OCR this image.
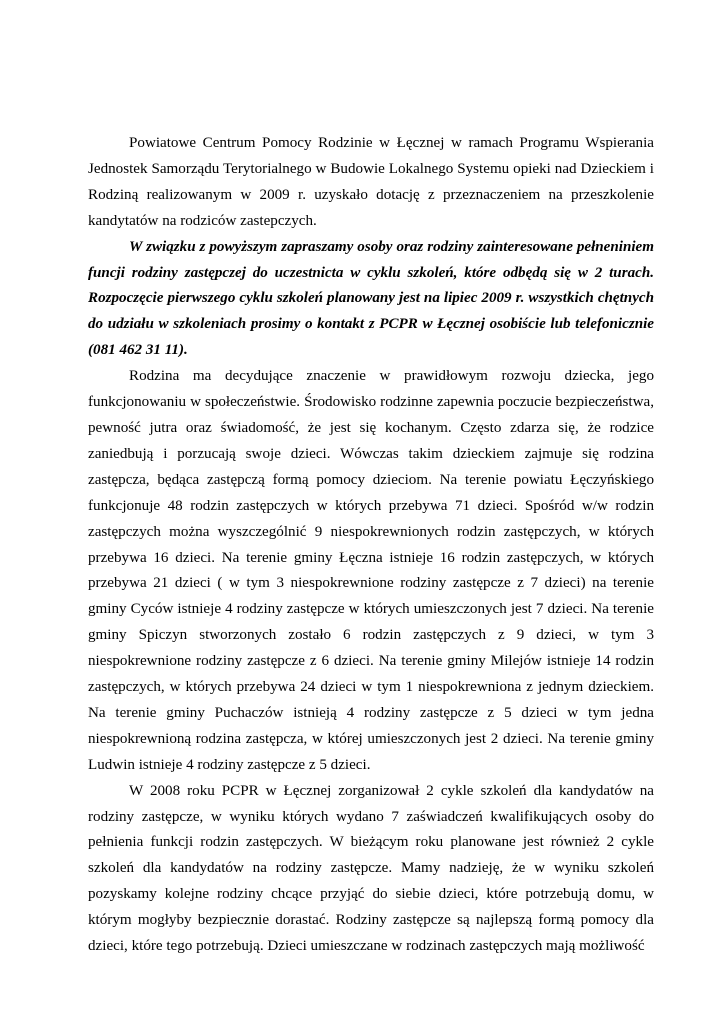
Powiatowe Centrum Pomocy Rodzinie w Łęcznej w ramach Programu Wspierania Jednostek Samorządu Terytorialnego w Budowie Lokalnego Systemu opieki nad Dzieckiem i Rodziną realizowanym w 2009 r. uzyskało dotację z przeznaczeniem na przeszkolenie kandytatów na rodziców zastepczych.

W związku z powyższym zapraszamy osoby oraz rodziny zainteresowane pełneniniem funcji rodziny zastępczej do uczestnicta w cyklu szkoleń, które odbędą się w 2 turach. Rozpoczęcie pierwszego cyklu szkoleń planowany jest na lipiec 2009 r. wszystkich chętnych do udziału w szkoleniach prosimy o kontakt z PCPR w Łęcznej osobiście lub telefonicznie (081 462 31 11).

Rodzina ma decydujące znaczenie w prawidłowym rozwoju dziecka, jego funkcjonowaniu w społeczeństwie. Środowisko rodzinne zapewnia poczucie bezpieczeństwa, pewność jutra oraz świadomość, że jest się kochanym. Często zdarza się, że rodzice zaniedbują i porzucają swoje dzieci. Wówczas takim dzieckiem zajmuje się rodzina zastępcza, będąca zastępczą formą pomocy dzieciom. Na terenie powiatu Łęczyńskiego funkcjonuje 48 rodzin zastępczych w których przebywa 71 dzieci. Spośród w/w rodzin zastępczych można wyszczególnić 9 niespokrewnionych rodzin zastępczych, w których przebywa 16 dzieci. Na terenie gminy Łęczna istnieje 16 rodzin zastępczych, w których przebywa 21 dzieci ( w tym 3 niespokrewnione rodziny zastępcze z 7 dzieci) na terenie gminy Cyców istnieje 4 rodziny zastępcze w których umieszczonych jest 7 dzieci. Na terenie gminy Spiczyn stworzonych zostało 6 rodzin zastępczych z 9 dzieci, w tym 3 niespokrewnione rodziny zastępcze z 6 dzieci. Na terenie gminy Milejów istnieje 14 rodzin zastępczych, w których przebywa 24 dzieci w tym 1 niespokrewniona z jednym dzieckiem. Na terenie gminy Puchaczów istnieją 4 rodziny zastępcze z 5 dzieci w tym jedna niespokrewnioną rodzina zastępcza, w której umieszczonych jest 2 dzieci. Na terenie gminy Ludwin istnieje 4 rodziny zastępcze z 5 dzieci.

W 2008 roku PCPR w Łęcznej zorganizował 2 cykle szkoleń dla kandydatów na rodziny zastępcze, w wyniku których wydano 7 zaświadczeń kwalifikujących osoby do pełnienia funkcji rodzin zastępczych. W bieżącym roku planowane jest również 2 cykle szkoleń dla kandydatów na rodziny zastępcze. Mamy nadzieję, że w wyniku szkoleń pozyskamy kolejne rodziny chcące przyjąć do siebie dzieci, które potrzebują domu, w którym mogłyby bezpiecznie dorastać. Rodziny zastępcze są najlepszą formą pomocy dla dzieci, które tego potrzebują. Dzieci umieszczane w rodzinach zastępczych mają możliwość
